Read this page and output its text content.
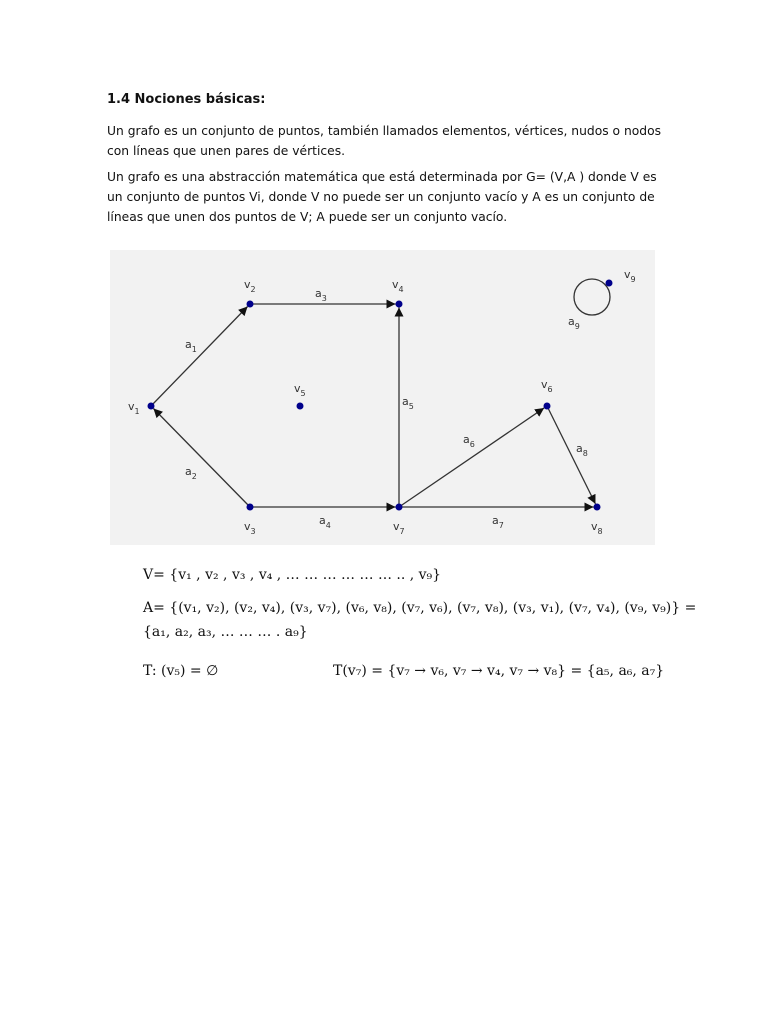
1.4 Nociones básicas:
Un grafo es un conjunto de puntos, también llamados elementos, vértices, nudos o nodos con líneas que unen pares de vértices.
Un grafo es una abstracción matemática que está determinada por G= (V,A ) donde V es un conjunto de puntos Vi, donde V no puede ser un conjunto vacío y A es un conjunto de líneas que unen dos puntos de V; A puede ser un conjunto vacío.
$a_1$
$a_2$
$a_3$
$a_4$
$a_5$
$a_6$
$a_7$
$a_8$
$a_9$
$v_1$
$v_2$
$v_3$
$v_4$
$v_5$
$v_6$
$v_7$	$v_8$
$v_9$
V= {v₁ , v₂ , v₃ , v₄ , … … … … … … .. , v₉}
A= {(v₁, v₂), (v₂, v₄), (v₃, v₇), (v₆, v₈), (v₇, v₆), (v₇, v₈), (v₃, v₁), (v₇, v₄), (v₉, v₉)} =
{a₁, a₂, a₃, … … … . a₉}
T: (v₅) = ∅	T(v₇) = {v₇ → v₆, v₇ → v₄, v₇ → v₈} = {a₅, a₆, a₇}
